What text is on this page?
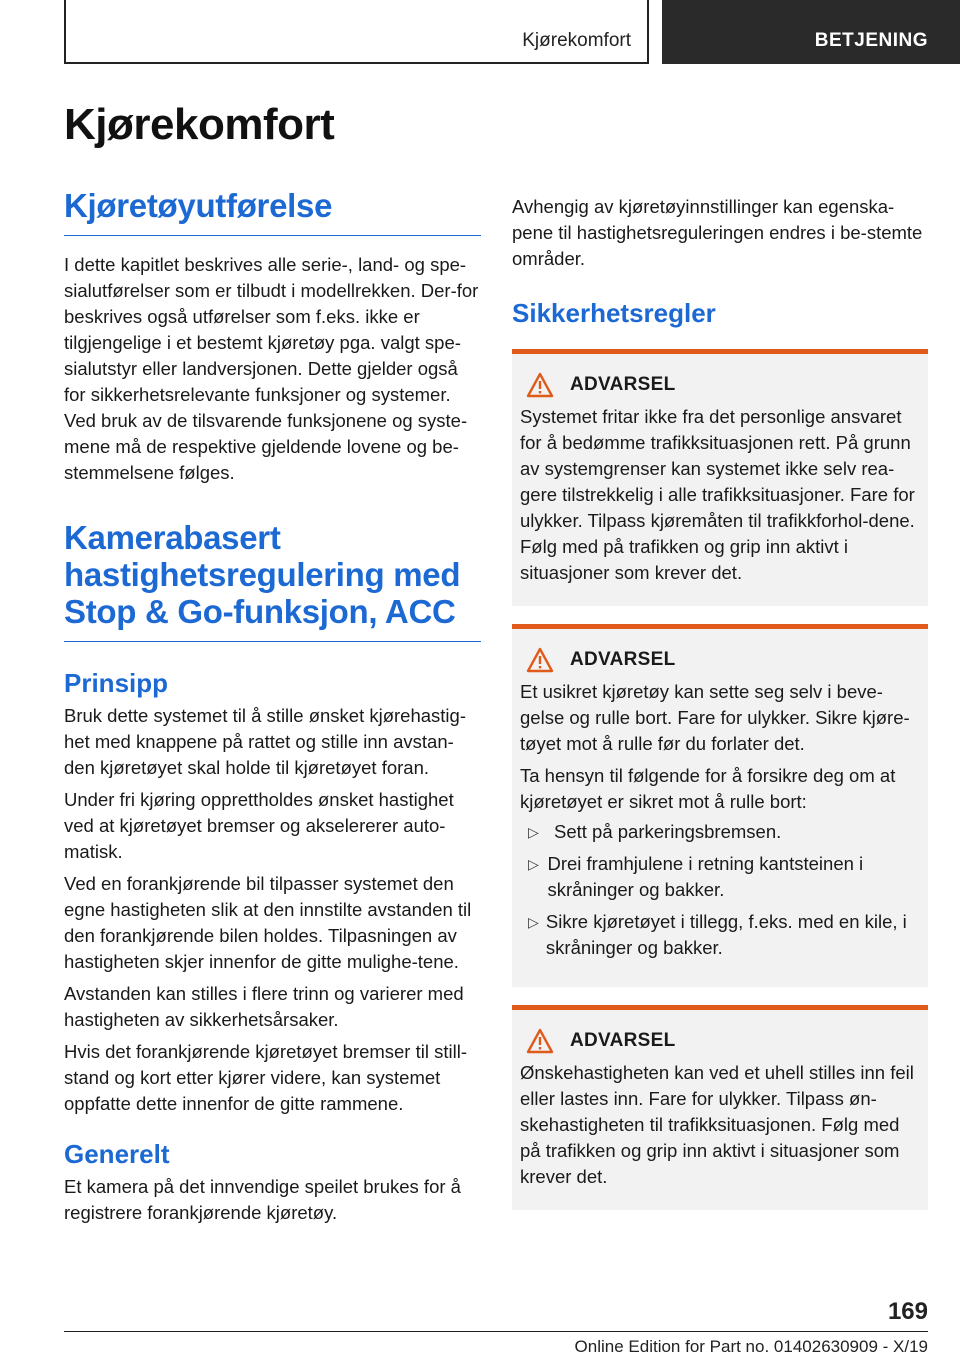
Kjørekomfort	BETJENING
Kjørekomfort
Kjøretøyutførelse

I dette kapitlet beskrives alle serie-, land- og spe-sialutførelser som er tilbudt i modellrekken. Der-for beskrives også utførelser som f.eks. ikke er tilgjengelige i et bestemt kjøretøy pga. valgt spe-sialutstyr eller landversjonen. Dette gjelder også for sikkerhetsrelevante funksjoner og systemer. Ved bruk av de tilsvarende funksjonene og syste-mene må de respektive gjeldende lovene og be-stemmelsene følges.

Kamerabasert hastighetsregulering med Stop & Go-funksjon, ACC
Prinsipp

Bruk dette systemet til å stille ønsket kjørehastig-het med knappene på rattet og stille inn avstan-den kjøretøyet skal holde til kjøretøyet foran.

Under fri kjøring opprettholdes ønsket hastighet ved at kjøretøyet bremser og akselererer auto-matisk.

Ved en forankjørende bil tilpasser systemet den egne hastigheten slik at den innstilte avstanden til den forankjørende bilen holdes. Tilpasningen av hastigheten skjer innenfor de gitte mulighe-tene.

Avstanden kan stilles i flere trinn og varierer med hastigheten av sikkerhetsårsaker.

Hvis det forankjørende kjøretøyet bremser til still-stand og kort etter kjører videre, kan systemet oppfatte dette innenfor de gitte rammene.

Generelt

Et kamera på det innvendige speilet brukes for å registrere forankjørende kjøretøy.

Avhengig av kjøretøyinnstillinger kan egenska-pene til hastighetsreguleringen endres i be-stemte områder.

Sikkerhetsregler
ADVARSEL

Systemet fritar ikke fra det personlige ansvaret for å bedømme trafikksituasjonen rett. På grunn av systemgrenser kan systemet ikke selv rea-gere tilstrekkelig i alle trafikksituasjoner. Fare for ulykker. Tilpass kjøremåten til trafikkforhol-dene. Følg med på trafikken og grip inn aktivt i situasjoner som krever det.

ADVARSEL

Et usikret kjøretøy kan sette seg selv i beve-gelse og rulle bort. Fare for ulykker. Sikre kjøre-tøyet mot å rulle før du forlater det.

Ta hensyn til følgende for å forsikre deg om at kjøretøyet er sikret mot å rulle bort:

▷ Sett på parkeringsbremsen.
▷ Drei framhjulene i retning kantsteinen i skråninger og bakker.
▷ Sikre kjøretøyet i tillegg, f.eks. med en kile, i skråninger og bakker.
ADVARSEL

Ønskehastigheten kan ved et uhell stilles inn feil eller lastes inn. Fare for ulykker. Tilpass øn-skehastigheten til trafikksituasjonen. Følg med på trafikken og grip inn aktivt i situasjoner som krever det.

169
Online Edition for Part no. 01402630909 - X/19
